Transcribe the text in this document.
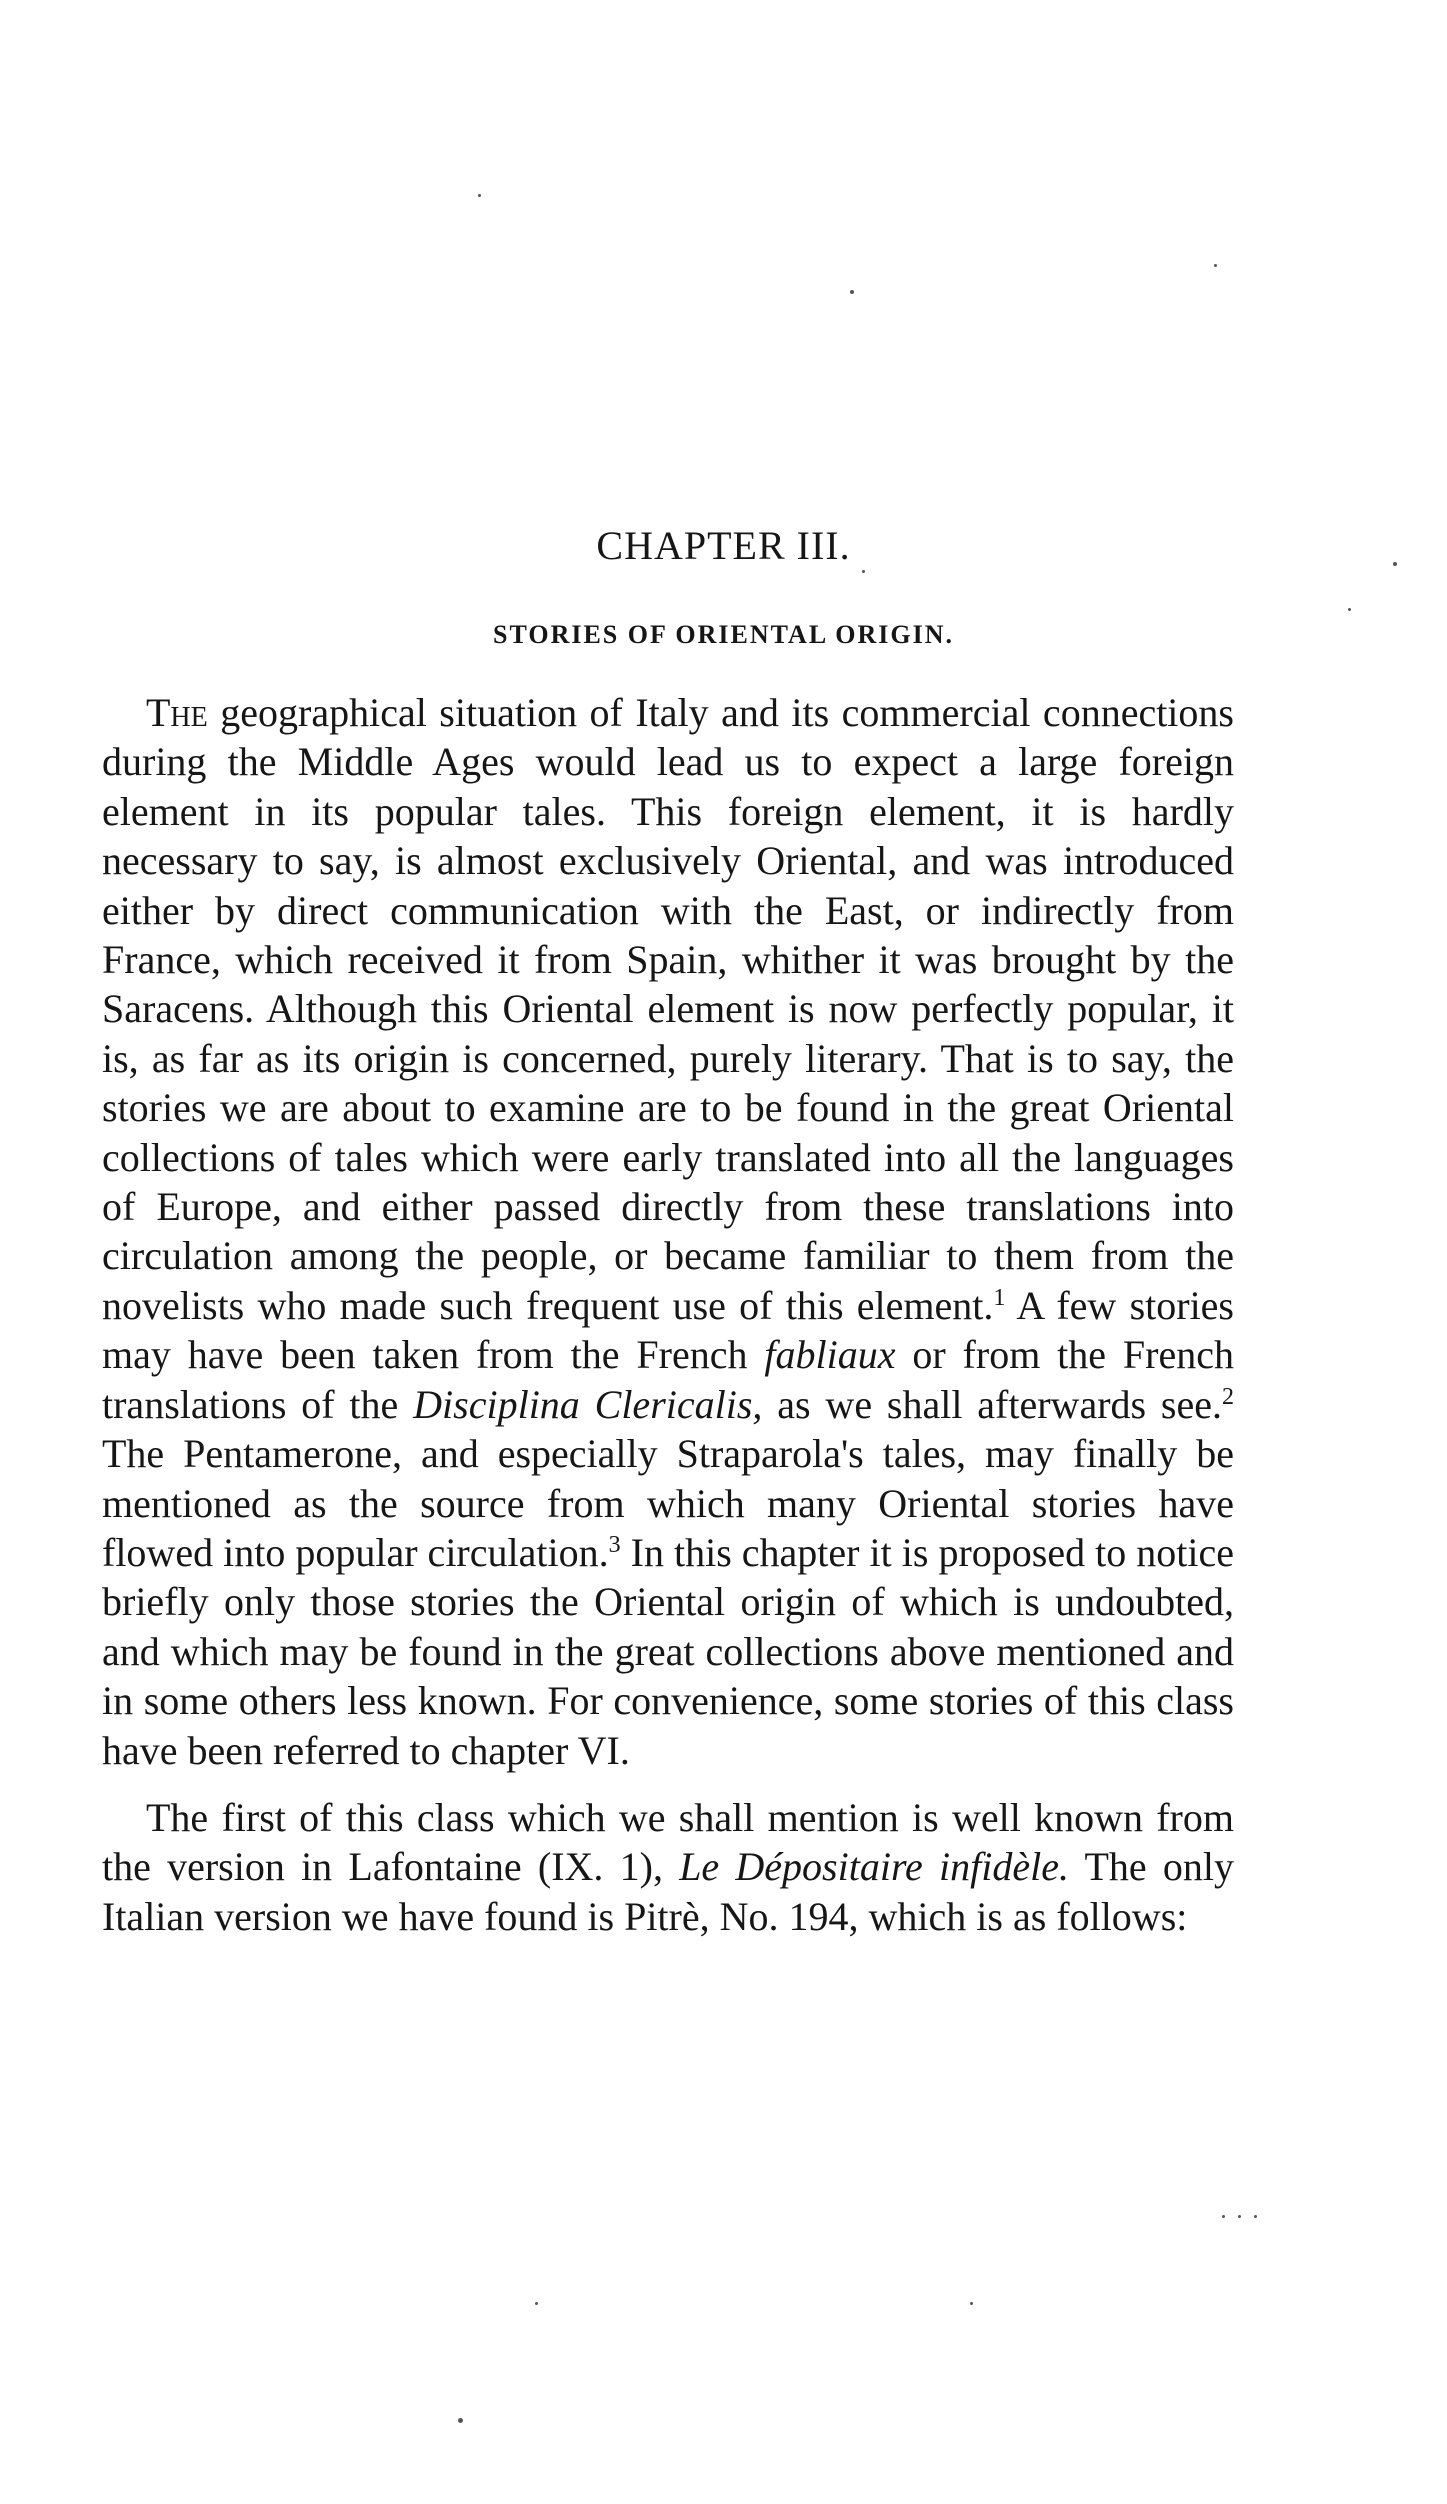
CHAPTER III.
STORIES OF ORIENTAL ORIGIN.

The geographical situation of Italy and its commercial connections during the Middle Ages would lead us to expect a large foreign element in its popular tales. This foreign element, it is hardly necessary to say, is almost exclusively Oriental, and was introduced either by direct communication with the East, or indirectly from France, which received it from Spain, whither it was brought by the Saracens. Although this Oriental element is now perfectly popular, it is, as far as its origin is concerned, purely literary. That is to say, the stories we are about to examine are to be found in the great Oriental collections of tales which were early translated into all the languages of Europe, and either passed directly from these translations into circulation among the people, or became familiar to them from the novelists who made such frequent use of this element.$^1$ A few stories may have been taken from the French fabliaux or from the French translations of the Disciplina Clericalis, as we shall afterwards see.$^2$ The Pentamerone, and especially Straparola's tales, may finally be mentioned as the source from which many Oriental stories have flowed into popular circulation.$^3$ In this chapter it is proposed to notice briefly only those stories the Oriental origin of which is undoubted, and which may be found in the great collections above mentioned and in some others less known. For convenience, some stories of this class have been referred to chapter VI.

The first of this class which we shall mention is well known from the version in Lafontaine (IX. 1), Le Dépositaire infidèle. The only Italian version we have found is Pitrè, No. 194, which is as follows:
